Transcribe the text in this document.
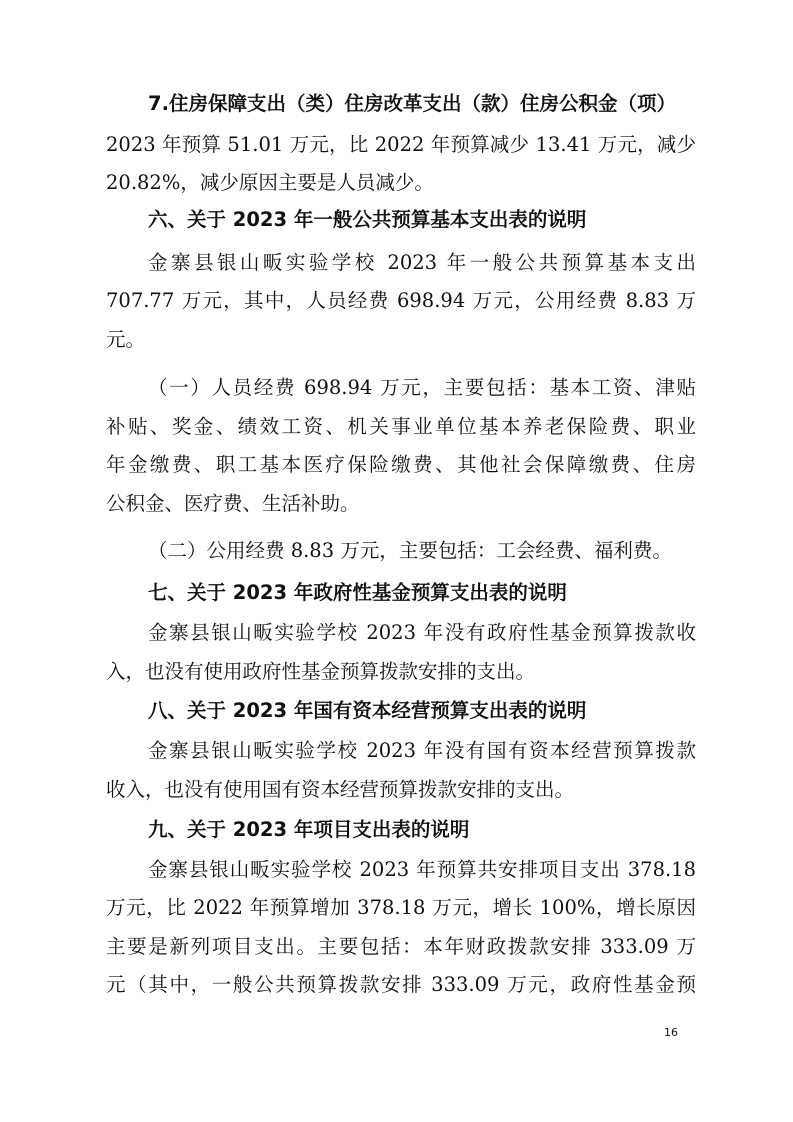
7.住房保障支出（类）住房改革支出（款）住房公积金（项）
2023 年预算 51.01 万元，比 2022 年预算减少 13.41 万元，减少
20.82%，减少原因主要是人员减少。
六、关于 2023 年一般公共预算基本支出表的说明
金寨县银山畈实验学校 2023 年一般公共预算基本支出
707.77 万元，其中，人员经费 698.94 万元，公用经费 8.83 万
元。
（一）人员经费 698.94 万元，主要包括：基本工资、津贴
补贴、奖金、绩效工资、机关事业单位基本养老保险费、职业
年金缴费、职工基本医疗保险缴费、其他社会保障缴费、住房
公积金、医疗费、生活补助。
（二）公用经费 8.83 万元，主要包括：工会经费、福利费。
七、关于 2023 年政府性基金预算支出表的说明
金寨县银山畈实验学校 2023 年没有政府性基金预算拨款收
入，也没有使用政府性基金预算拨款安排的支出。
八、关于 2023 年国有资本经营预算支出表的说明
金寨县银山畈实验学校 2023 年没有国有资本经营预算拨款
收入，也没有使用国有资本经营预算拨款安排的支出。
九、关于 2023 年项目支出表的说明
金寨县银山畈实验学校 2023 年预算共安排项目支出 378.18
万元，比 2022 年预算增加 378.18 万元，增长 100%，增长原因
主要是新列项目支出。主要包括：本年财政拨款安排 333.09 万
元（其中，一般公共预算拨款安排 333.09 万元，政府性基金预
16
